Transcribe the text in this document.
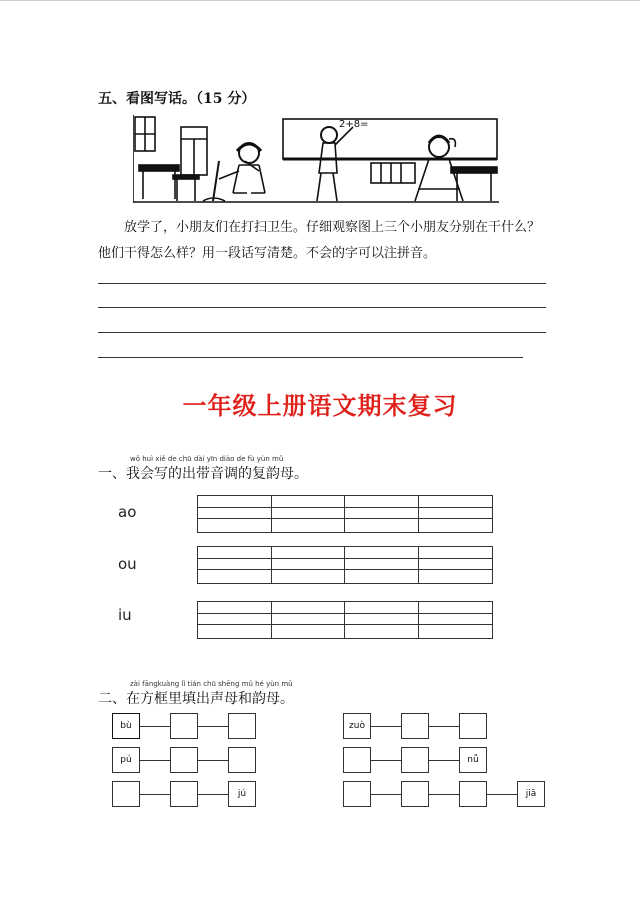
五、看图写话。（15 分）
2+8=
放学了，小朋友们在打扫卫生。仔细观察图上三个小朋友分别在干什么？他们干得怎么样？用一段话写清楚。不会的字可以注拼音。
一年级上册语文期末复习
wǒ huì xiě de chū dài yīn diào de fù yùn mǔ
一、我会写的出带音调的复韵母。
ao
ou
iu
zài fāngkuàng lǐ tián chū shēng mǔ hé yùn mǔ
二、在方框里填出声母和韵母。
bù
pú
jú
zuò
nǚ
jiā
